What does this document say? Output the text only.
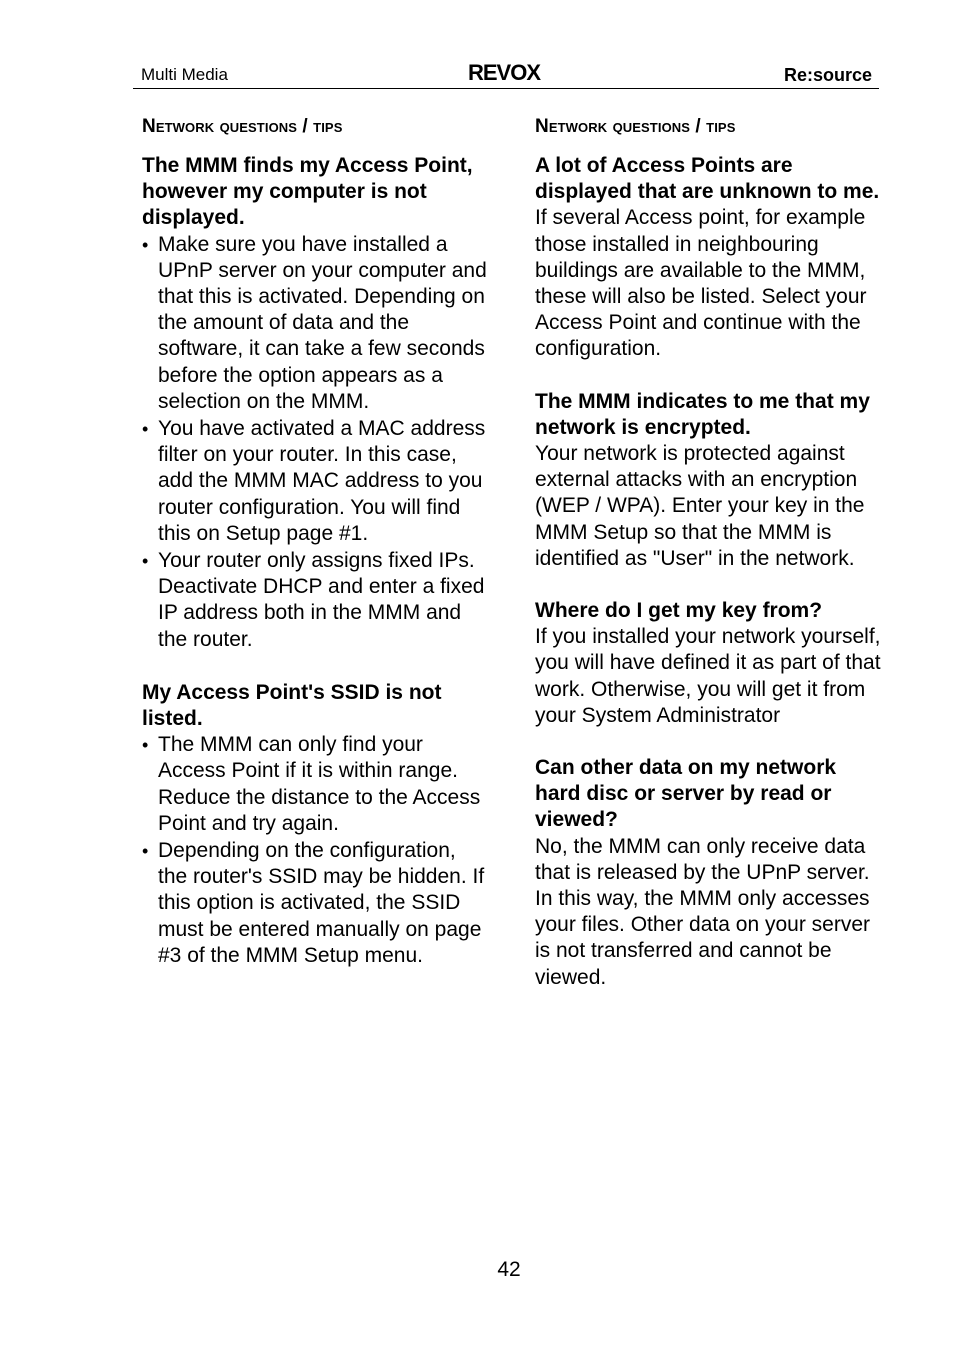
Multi Media	REVOX	Re:source
Network questions / tips

The MMM finds my Access Point, however my computer is not displayed.

• Make sure you have installed a UPnP server on your computer and that this is activated. Depending on the amount of data and the software, it can take a few seconds before the option appears as a selection on the MMM.
• You have activated a MAC address filter on your router. In this case, add the MMM MAC address to you router configuration. You will find this on Setup page #1.
• Your router only assigns fixed IPs. Deactivate DHCP and enter a fixed IP address both in the MMM and the router.

My Access Point's SSID is not listed.

• The MMM can only find your Access Point if it is within range. Reduce the distance to the Access Point and try again.
• Depending on the configuration, the router's SSID may be hidden. If this option is activated, the SSID must be entered manually on page #3 of the MMM Setup menu.
Network questions / tips

A lot of Access Points are displayed that are unknown to me.

If several Access point, for example those installed in neighbouring buildings are available to the MMM, these will also be listed. Select your Access Point and continue with the configuration.

The MMM indicates to me that my network is encrypted.

Your network is protected against external attacks with an encryption (WEP / WPA). Enter your key in the MMM Setup so that the MMM is identified as "User" in the network.

Where do I get my key from?

If you installed your network yourself, you will have defined it as part of that work. Otherwise, you will get it from your System Administrator

Can other data on my network hard disc or server by read or viewed?

No, the MMM can only receive data that is released by the UPnP server. In this way, the MMM only accesses your files. Other data on your server is not transferred and cannot be viewed.

42
